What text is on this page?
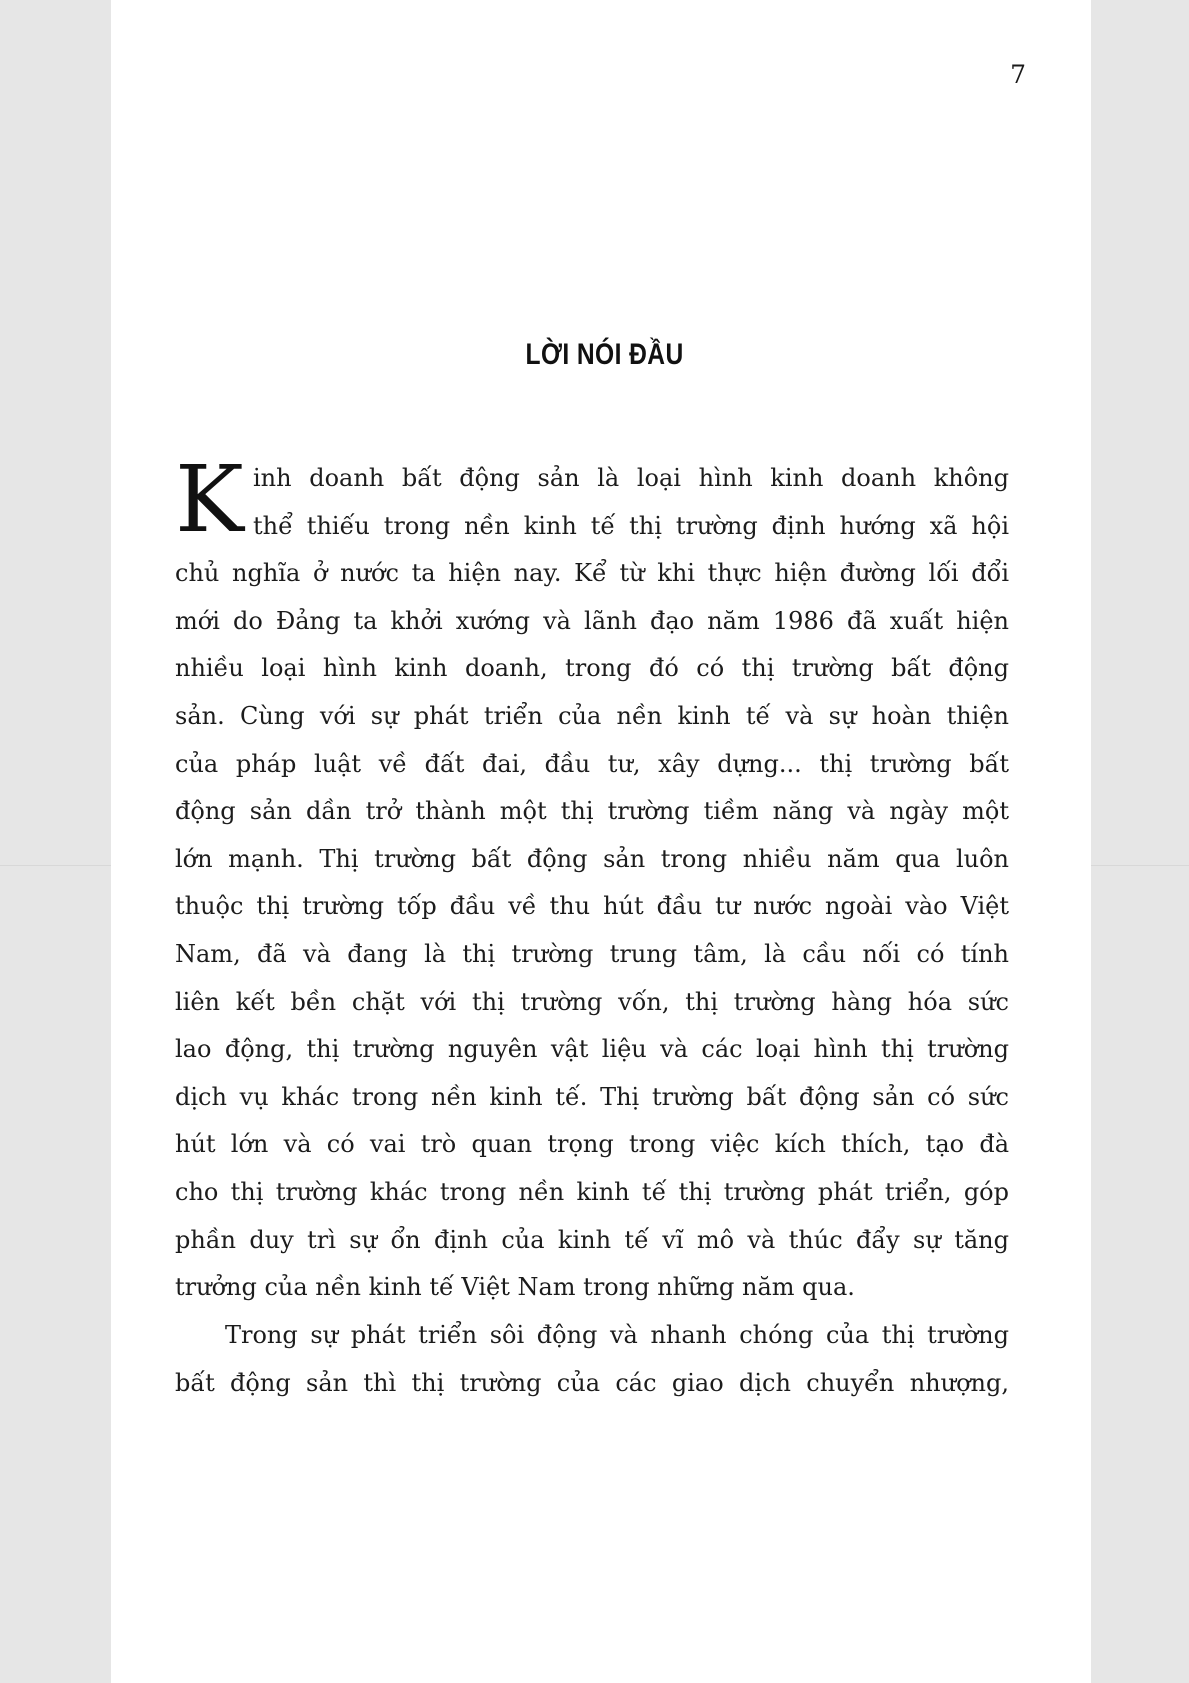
7
LỜI NÓI ĐẦU
K inh doanh bất động sản là loại hình kinh doanh không
thể thiếu trong nền kinh tế thị trường định hướng xã hội
chủ nghĩa ở nước ta hiện nay. Kể từ khi thực hiện đường lối đổi
mới do Đảng ta khởi xướng và lãnh đạo năm 1986 đã xuất hiện
nhiều loại hình kinh doanh, trong đó có thị trường bất động
sản. Cùng với sự phát triển của nền kinh tế và sự hoàn thiện
của pháp luật về đất đai, đầu tư, xây dựng... thị trường bất
động sản dần trở thành một thị trường tiềm năng và ngày một
lớn mạnh. Thị trường bất động sản trong nhiều năm qua luôn
thuộc thị trường tốp đầu về thu hút đầu tư nước ngoài vào Việt
Nam, đã và đang là thị trường trung tâm, là cầu nối có tính
liên kết bền chặt với thị trường vốn, thị trường hàng hóa sức
lao động, thị trường nguyên vật liệu và các loại hình thị trường
dịch vụ khác trong nền kinh tế. Thị trường bất động sản có sức
hút lớn và có vai trò quan trọng trong việc kích thích, tạo đà
cho thị trường khác trong nền kinh tế thị trường phát triển, góp
phần duy trì sự ổn định của kinh tế vĩ mô và thúc đẩy sự tăng
trưởng của nền kinh tế Việt Nam trong những năm qua.
Trong sự phát triển sôi động và nhanh chóng của thị trường
bất động sản thì thị trường của các giao dịch chuyển nhượng,
